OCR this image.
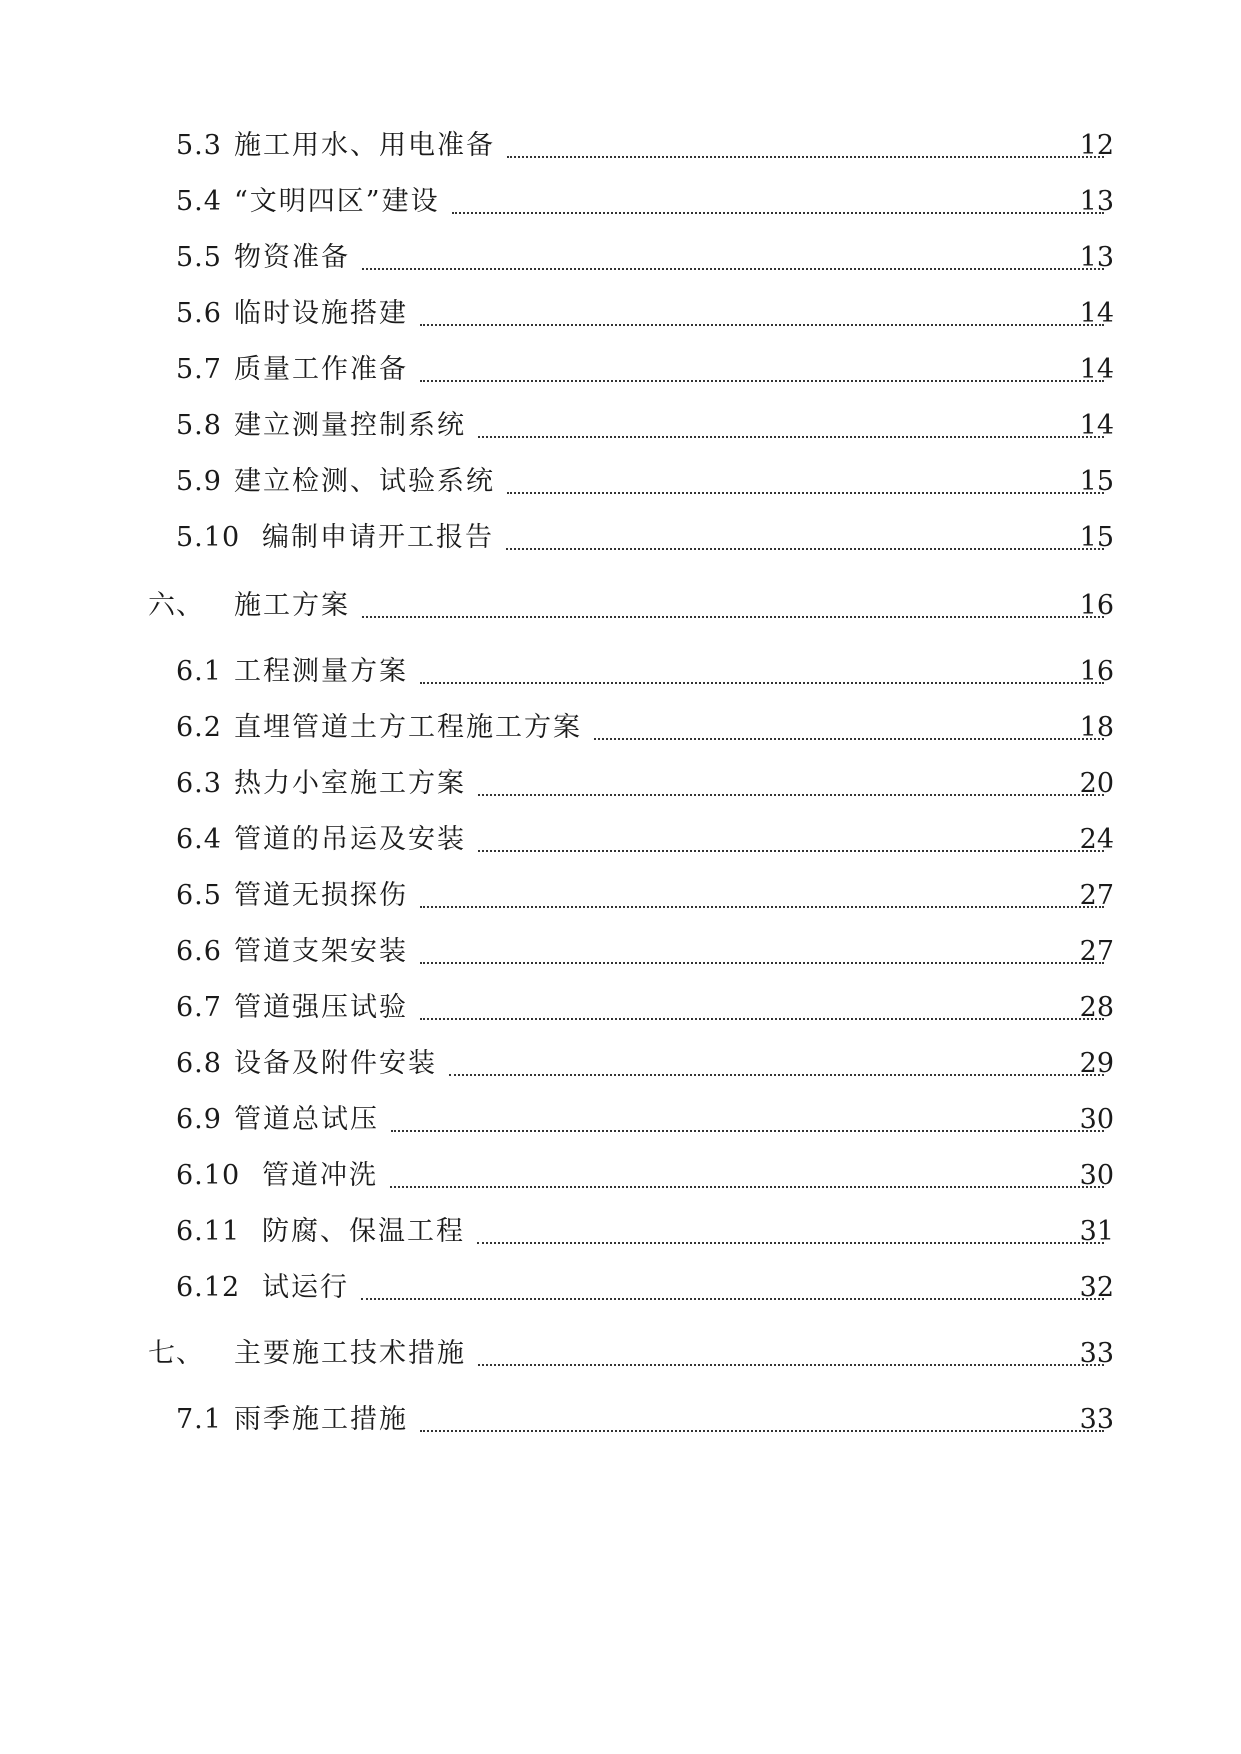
5.3 施工用水、用电准备	12
5.4 “文明四区”建设	13
5.5 物资准备	13
5.6 临时设施搭建	14
5.7 质量工作准备	14
5.8 建立测量控制系统	14
5.9 建立检测、试验系统	15
5.10 编制申请开工报告	15
六、 施工方案	16
6.1 工程测量方案	16
6.2 直埋管道土方工程施工方案	18
6.3 热力小室施工方案	20
6.4 管道的吊运及安装	24
6.5 管道无损探伤	27
6.6 管道支架安装	27
6.7 管道强压试验	28
6.8 设备及附件安装	29
6.9 管道总试压	30
6.10 管道冲洗	30
6.11 防腐、保温工程	31
6.12 试运行	32
七、 主要施工技术措施	33
7.1 雨季施工措施	33
